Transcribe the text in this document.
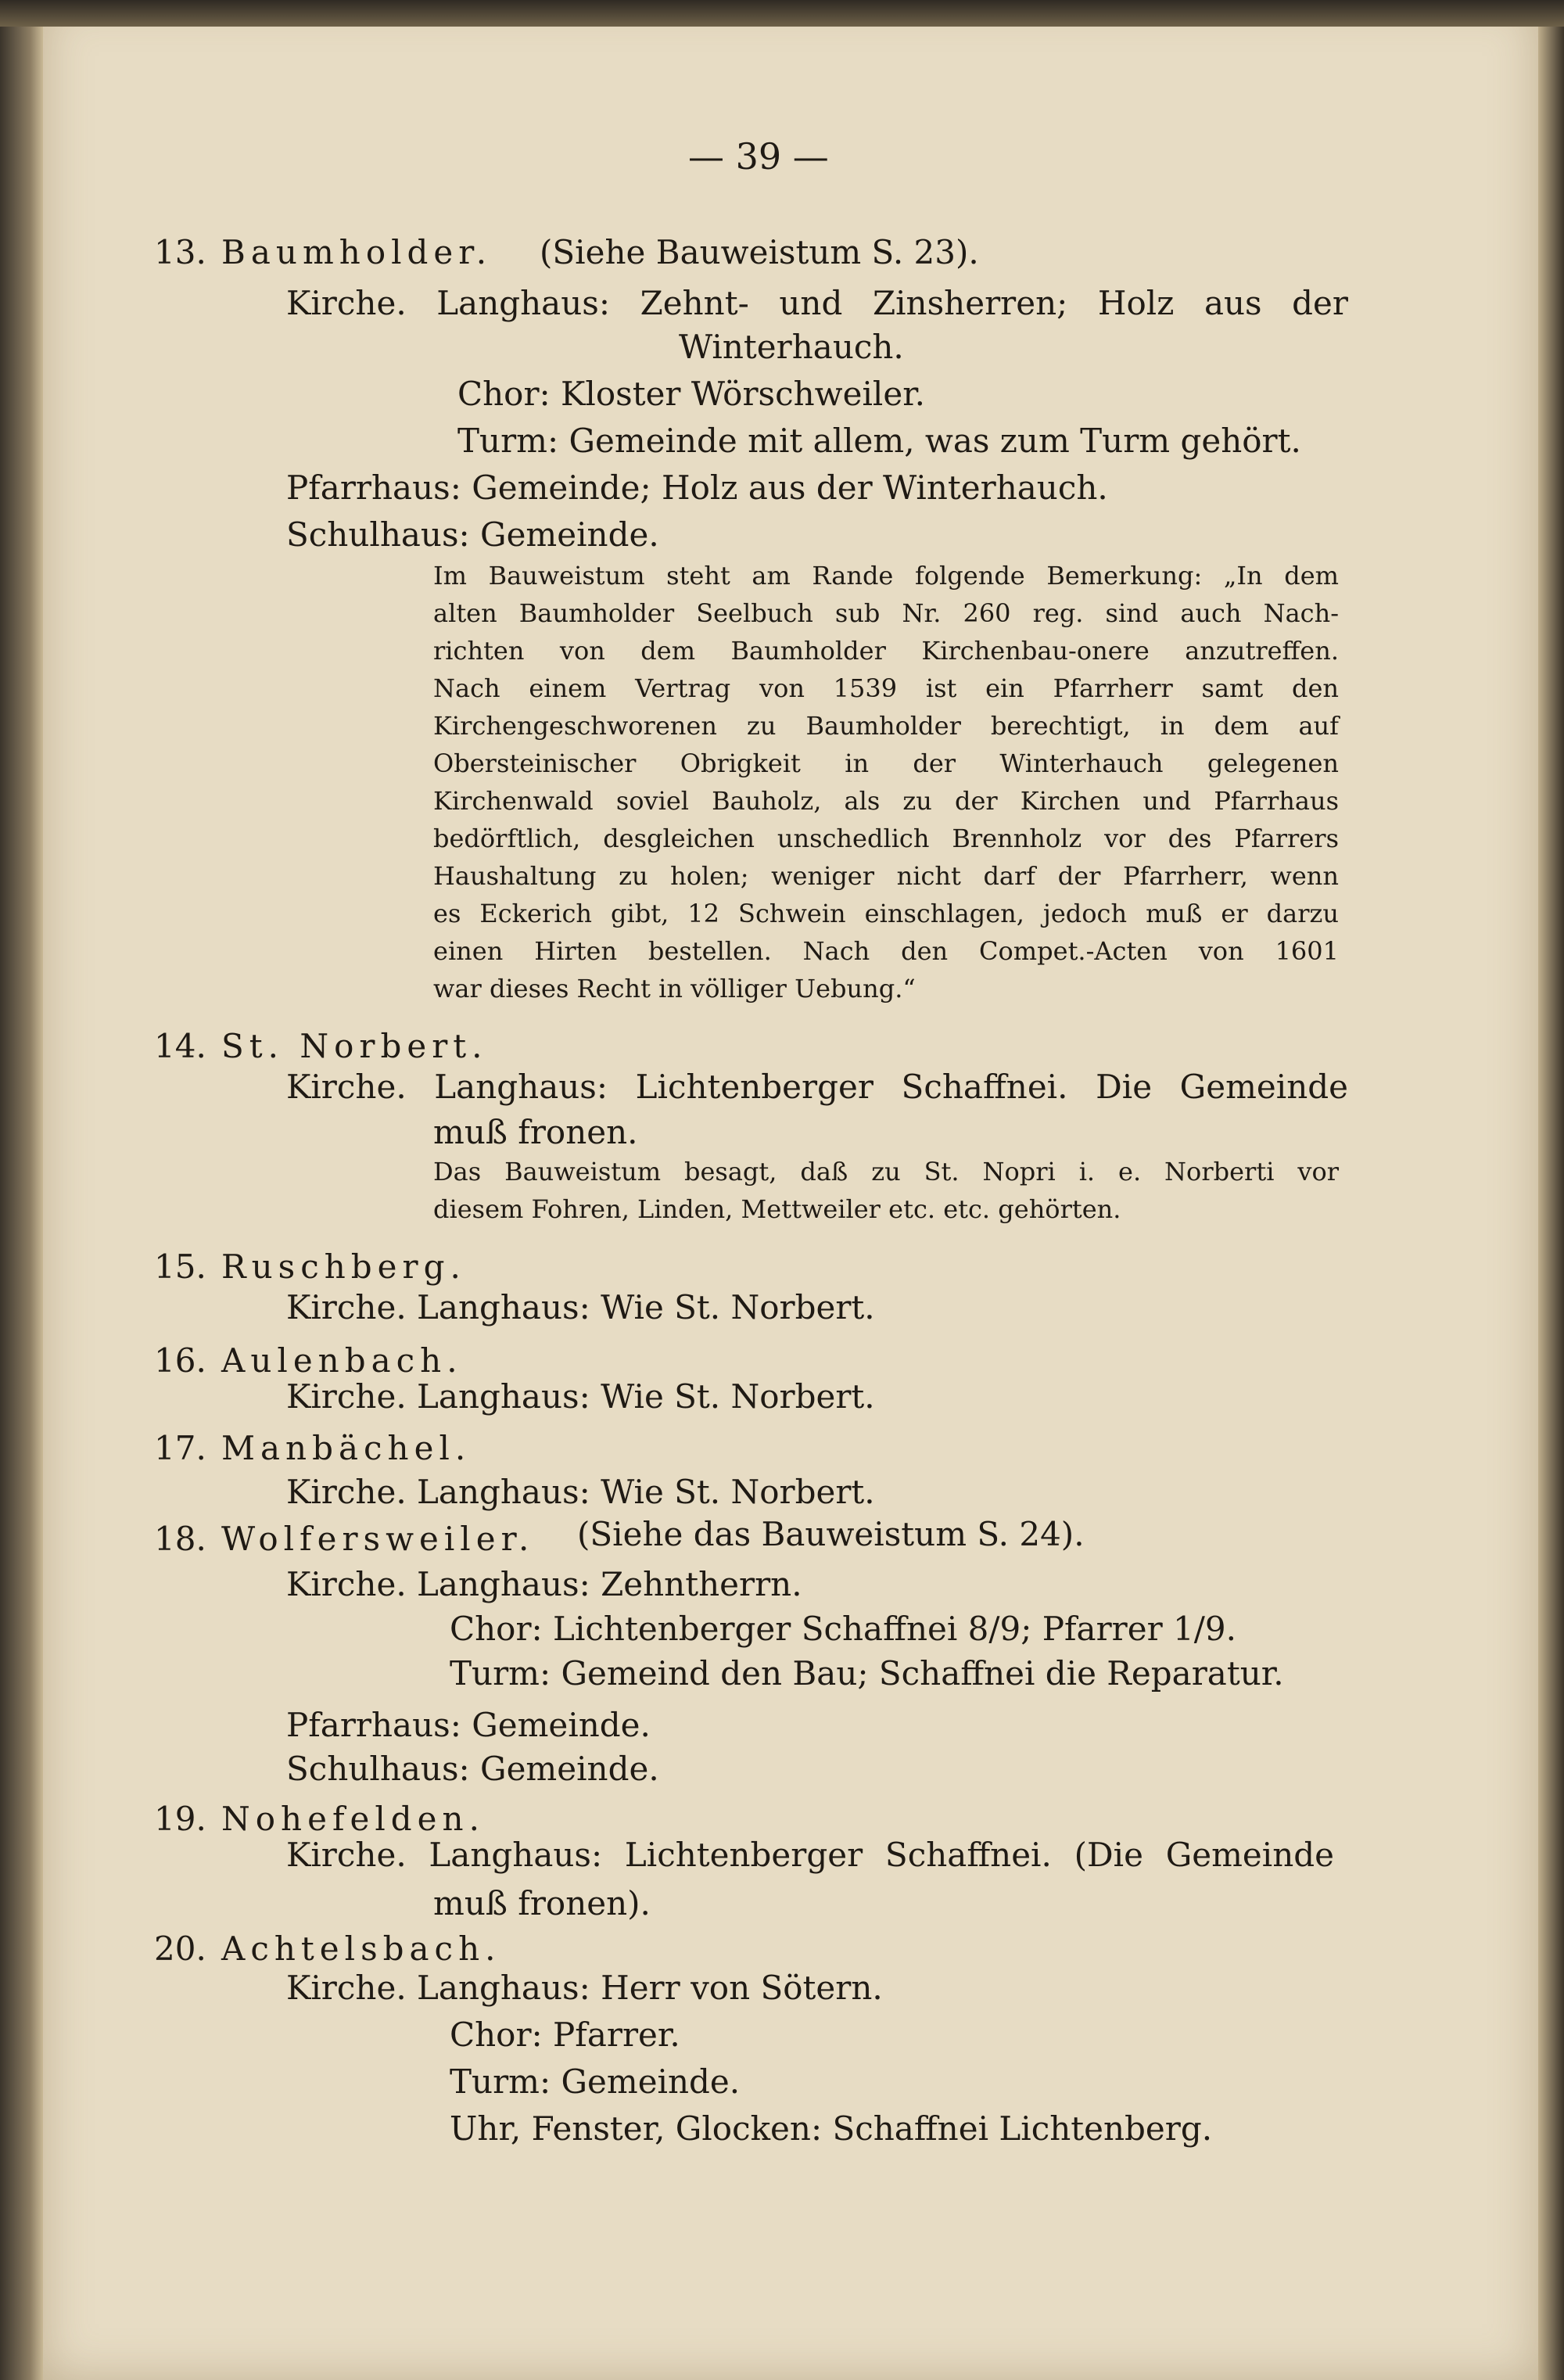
— 39 —
13. Baumholder. (Siehe Bauweistum S. 23).
Kirche. Langhaus: Zehnt- und Zinsherren; Holz aus der
Winterhauch.
Chor: Kloster Wörschweiler.
Turm: Gemeinde mit allem, was zum Turm gehört.
Pfarrhaus: Gemeinde; Holz aus der Winterhauch.
Schulhaus: Gemeinde.
Im Bauweistum steht am Rande folgende Bemerkung: „In dem
alten Baumholder Seelbuch sub Nr. 260 reg. sind auch Nach-
richten von dem Baumholder Kirchenbau-onere anzutreffen.
Nach einem Vertrag von 1539 ist ein Pfarrherr samt den
Kirchengeschworenen zu Baumholder berechtigt, in dem auf
Obersteinischer Obrigkeit in der Winterhauch gelegenen
Kirchenwald soviel Bauholz, als zu der Kirchen und Pfarrhaus
bedörftlich, desgleichen unschedlich Brennholz vor des Pfarrers
Haushaltung zu holen; weniger nicht darf der Pfarrherr, wenn
es Eckerich gibt, 12 Schwein einschlagen, jedoch muß er darzu
einen Hirten bestellen. Nach den Compet.-Acten von 1601
war dieses Recht in völliger Uebung.“
14. St. Norbert.
Kirche. Langhaus: Lichtenberger Schaffnei. Die Gemeinde
muß fronen.
Das Bauweistum besagt, daß zu St. Nopri i. e. Norberti vor
diesem Fohren, Linden, Mettweiler etc. etc. gehörten.
15. Ruschberg.
Kirche. Langhaus: Wie St. Norbert.
16. Aulenbach.
Kirche. Langhaus: Wie St. Norbert.
17. Manbächel.
Kirche. Langhaus: Wie St. Norbert.
18. Wolfersweiler. (Siehe das Bauweistum S. 24).
Kirche. Langhaus: Zehntherrn.
Chor: Lichtenberger Schaffnei 8/9; Pfarrer 1/9.
Turm: Gemeind den Bau; Schaffnei die Reparatur.
Pfarrhaus: Gemeinde.
Schulhaus: Gemeinde.
19. Nohefelden.
Kirche. Langhaus: Lichtenberger Schaffnei. (Die Gemeinde
muß fronen).
20. Achtelsbach.
Kirche. Langhaus: Herr von Sötern.
Chor: Pfarrer.
Turm: Gemeinde.
Uhr, Fenster, Glocken: Schaffnei Lichtenberg.
